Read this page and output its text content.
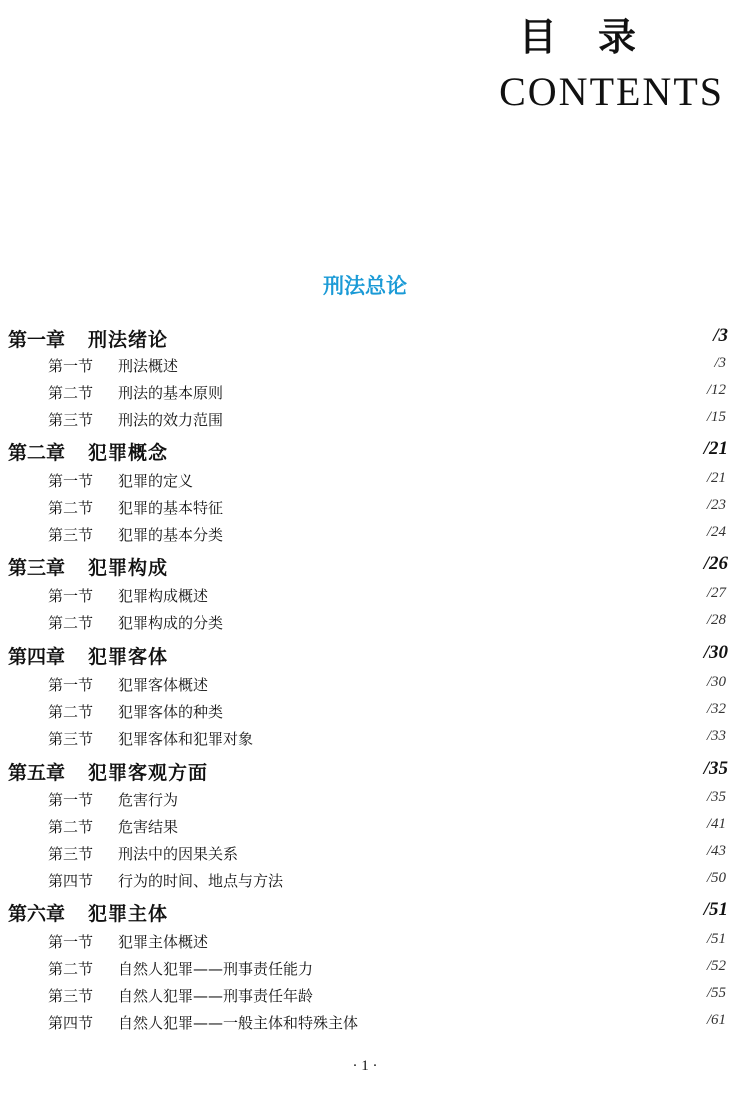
目 录
CONTENTS
刑法总论
第一章 刑法绪论	/3
第一节 刑法概述	/3
第二节 刑法的基本原则	/12
第三节 刑法的效力范围	/15
第二章 犯罪概念	/21
第一节 犯罪的定义	/21
第二节 犯罪的基本特征	/23
第三节 犯罪的基本分类	/24
第三章 犯罪构成	/26
第一节 犯罪构成概述	/27
第二节 犯罪构成的分类	/28
第四章 犯罪客体	/30
第一节 犯罪客体概述	/30
第二节 犯罪客体的种类	/32
第三节 犯罪客体和犯罪对象	/33
第五章 犯罪客观方面	/35
第一节 危害行为	/35
第二节 危害结果	/41
第三节 刑法中的因果关系	/43
第四节 行为的时间、地点与方法	/50
第六章 犯罪主体	/51
第一节 犯罪主体概述	/51
第二节 自然人犯罪——刑事责任能力	/52
第三节 自然人犯罪——刑事责任年龄	/55
第四节 自然人犯罪——一般主体和特殊主体	/61
· 1 ·
